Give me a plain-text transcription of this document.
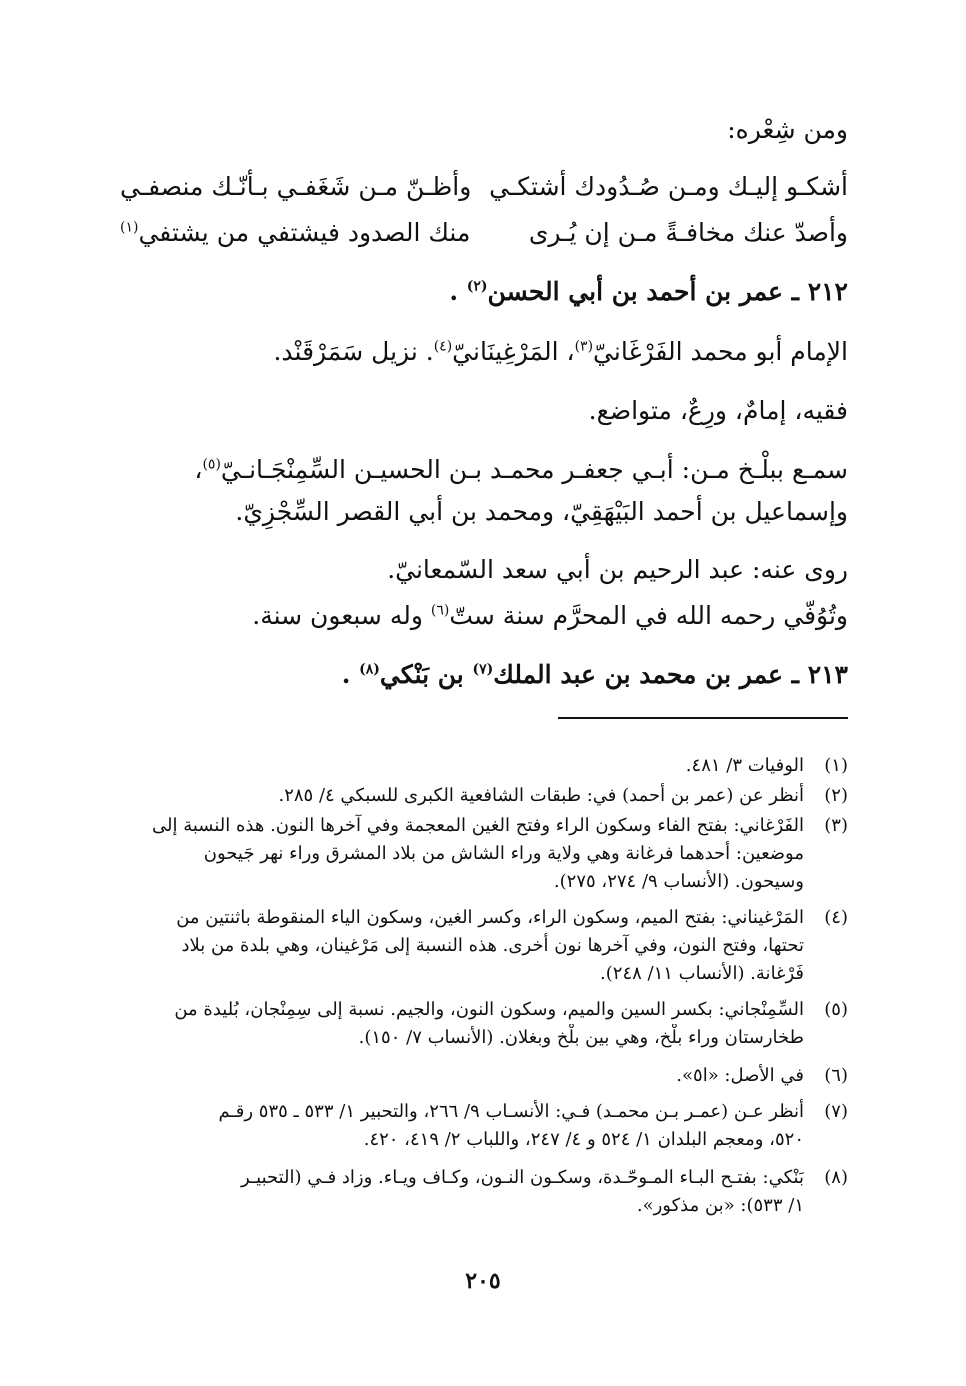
ومن شِعْره:
أشكـو إليـك ومـن صُـدُودك أشتكـي
وأظـنّ مـن شَغَفـي بـأنّـك منصفـي
وأصدّ عنك مخافـةً مـن إن يُـرى
منك الصدود فيشتفي من يشتفي$^{(١)}$
٢١٢ ـ عمر بن أحمد بن أبي الحسن$^{(٢)}$ .
الإمام أبو محمد الفَرْغَانيّ$^{(٣)}$، المَرْغِينَانيّ$^{(٤)}$. نزيل سَمَرْقَنْد.
فقيه، إمامٌ، ورِعٌ، متواضع.
سمـع ببلْـخ مـن: أبـي جعفـر محمـد بـن الحسيـن السِّمِنْجَـانـيّ$^{(٥)}$،
وإسماعيل بن أحمد البَيْهَقِيّ، ومحمد بن أبي القصر السِّجْزِيّ.
روى عنه: عبد الرحيم بن أبي سعد السّمعانيّ.
وتُوُفّي رحمه الله في المحرَّم سنة ستّ$^{(٦)}$ وله سبعون سنة.
٢١٣ ـ عمر بن محمد بن عبد الملك$^{(٧)}$ بن بَنْكي$^{(٨)}$ .
(١)
الوفيات ٣/ ٤٨١.
(٢)
أنظر عن (عمر بن أحمد) في: طبقات الشافعية الكبرى للسبكي ٤/ ٢٨٥.
(٣)
الفَرْغاني: بفتح الفاء وسكون الراء وفتح الغين المعجمة وفي آخرها النون. هذه النسبة إلى
موضعين: أحدهما فرغانة وهي ولاية وراء الشاش من بلاد المشرق وراء نهر جَيحون
وسيحون. (الأنساب ٩/ ٢٧٤، ٢٧٥).
(٤)
المَرْغيناني: بفتح الميم، وسكون الراء، وكسر الغين، وسكون الياء المنقوطة باثنتين من
تحتها، وفتح النون، وفي آخرها نون أخرى. هذه النسبة إلى مَرْغينان، وهي بلدة من بلاد
فَرْغانة. (الأنساب ١١/ ٢٤٨).
(٥)
السِّمِنْجاني: بكسر السين والميم، وسكون النون، والجيم. نسبة إلى سِمِنْجان، بُليدة من
طخارستان وراء بلْخ، وهي بين بلْخ وبغلان. (الأنساب ٧/ ١٥٠).
(٦)
في الأصل: «ا٥».
(٧)
أنظر عـن (عمـر بـن محمـد) فـي: الأنسـاب ٩/ ٢٦٦، والتحبير ١/ ٥٣٣ ـ ٥٣٥ رقـم
٥٢٠، ومعجم البلدان ١/ ٥٢٤ و ٤/ ٢٤٧، واللباب ٢/ ٤١٩، ٤٢٠.
(٨)
بَنْكي: بفتـح البـاء المـوحّـدة، وسكـون النـون، وكـاف ويـاء. وزاد فـي (التحبيـر
١/ ٥٣٣): «بن مذكور».
٢٠٥
